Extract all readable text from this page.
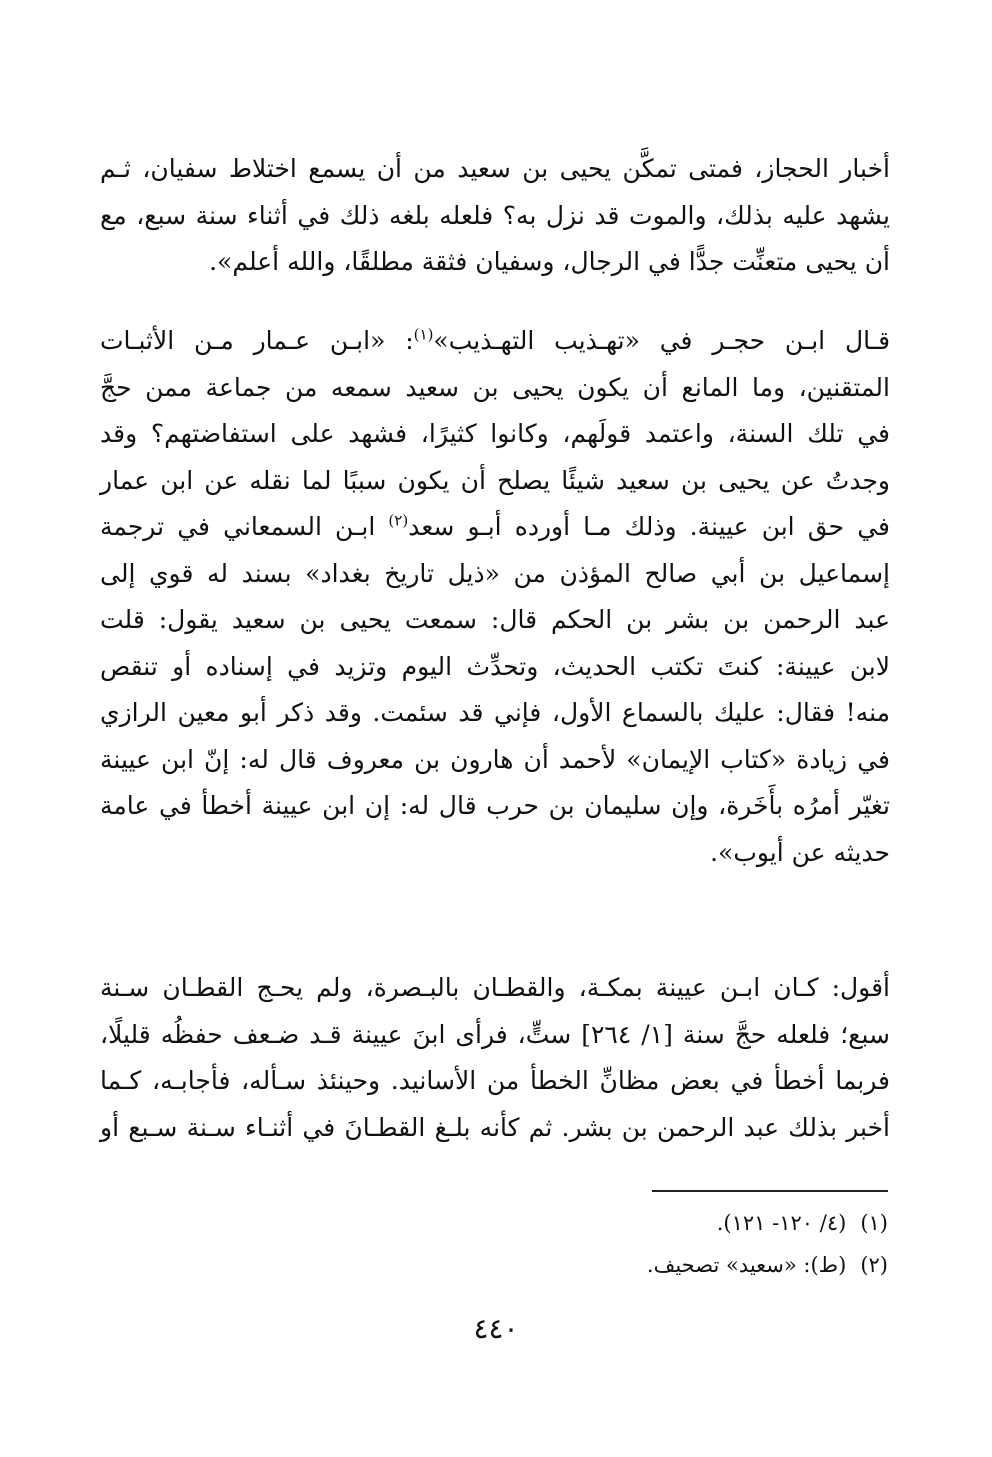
أخبار الحجاز، فمتى تمكَّن يحيى بن سعيد من أن يسمع اختلاط سفيان، ثـم
يشهد عليه بذلك، والموت قد نزل به؟ فلعله بلغه ذلك في أثناء سنة سبع، مع
أن يحيى متعنِّت جدًّا في الرجال، وسفيان فثقة مطلقًا، والله أعلم».
قـال ابـن حجـر في «تهـذيب التهـذيب»$^{(١)}$: «ابـن عـمار مـن الأثبـات
المتقنين، وما المانع أن يكون يحيى بن سعيد سمعه من جماعة ممن حجَّ
في تلك السنة، واعتمد قولَهم، وكانوا كثيرًا، فشهد على استفاضتهم؟ وقد
وجدتُ عن يحيى بن سعيد شيئًا يصلح أن يكون سببًا لما نقله عن ابن عمار
في حق ابن عيينة. وذلك مـا أورده أبـو سعد$^{(٢)}$ ابـن السمعاني في ترجمة
إسماعيل بن أبي صالح المؤذن من «ذيل تاريخ بغداد» بسند له قوي إلى
عبد الرحمن بن بشر بن الحكم قال: سمعت يحيى بن سعيد يقول: قلت
لابن عيينة: كنتَ تكتب الحديث، وتحدِّث اليوم وتزيد في إسناده أو تنقص
منه! فقال: عليك بالسماع الأول، فإني قد سئمت. وقد ذكر أبو معين الرازي
في زيادة «كتاب الإيمان» لأحمد أن هارون بن معروف قال له: إنّ ابن عيينة
تغيّر أمرُه بأَخَرة، وإن سليمان بن حرب قال له: إن ابن عيينة أخطأ في عامة
حديثه عن أيوب».
أقول: كـان ابـن عيينة بمكـة، والقطـان بالبـصرة، ولم يحـج القطـان سـنة
سبع؛ فلعله حجَّ سنة [١/ ٢٦٤] ستٍّ، فرأى ابنَ عيينة قـد ضـعف حفظُه قليلًا،
فربما أخطأ في بعض مظانِّ الخطأ من الأسانيد. وحينئذ سـأله، فأجابـه، كـما
أخبر بذلك عبد الرحمن بن بشر. ثم كأنه بلـغ القطـانَ في أثنـاء سـنة سـبع أو
(١)(٤/ ١٢٠- ١٢١).
(٢)(ط): «سعيد» تصحيف.
٤٤٠
